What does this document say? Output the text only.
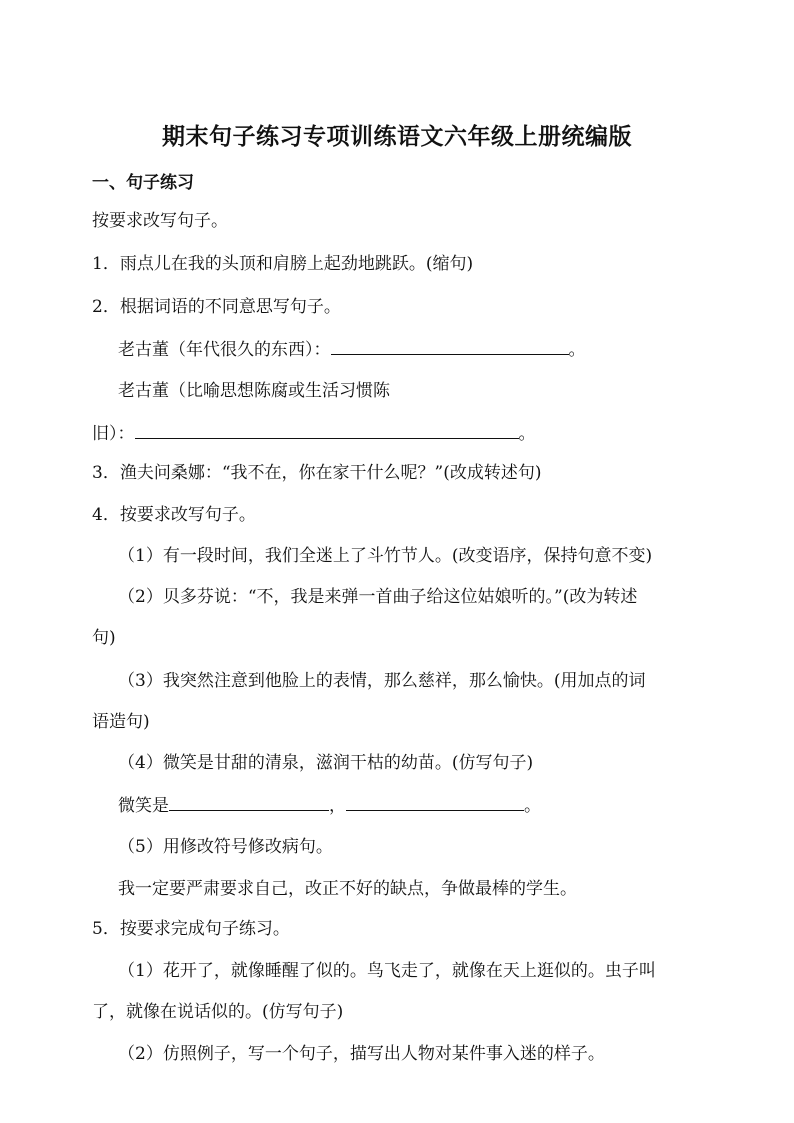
期末句子练习专项训练语文六年级上册统编版
一、句子练习
按要求改写句子。
1．雨点儿在我的头顶和肩膀上起劲地跳跃。(缩句)
2．根据词语的不同意思写句子。
老古董（年代很久的东西）：	。
老古董（比喻思想陈腐或生活习惯陈
旧）：	。
3．渔夫问桑娜：“我不在，你在家干什么呢？”(改成转述句)
4．按要求改写句子。
（1）有一段时间，我们全迷上了斗竹节人。(改变语序，保持句意不变)
（2）贝多芬说：“不，我是来弹一首曲子给这位姑娘听的。”(改为转述
句)
（3）我突然注意到他脸上的表情，那么慈祥，那么愉快。(用加点的词
语造句)
（4）微笑是甘甜的清泉，滋润干枯的幼苗。(仿写句子)
微笑是	，	。
（5）用修改符号修改病句。
我一定要严肃要求自己，改正不好的缺点，争做最棒的学生。
5．按要求完成句子练习。
（1）花开了，就像睡醒了似的。鸟飞走了，就像在天上逛似的。虫子叫
了，就像在说话似的。(仿写句子)
（2）仿照例子，写一个句子，描写出人物对某件事入迷的样子。
